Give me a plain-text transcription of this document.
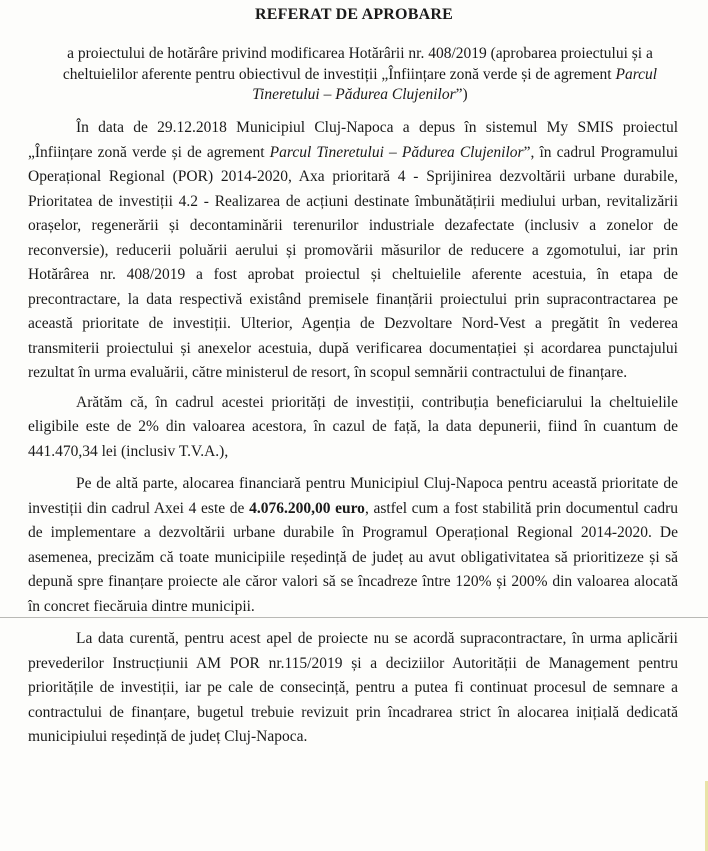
REFERAT DE APROBARE
a proiectului de hotărâre privind modificarea Hotărârii nr. 408/2019 (aprobarea proiectului și a cheltuielilor aferente pentru obiectivul de investiții „Înființare zonă verde și de agrement Parcul Tineretului – Pădurea Clujenilor”)

În data de 29.12.2018 Municipiul Cluj-Napoca a depus în sistemul My SMIS proiectul „Înființare zonă verde și de agrement Parcul Tineretului – Pădurea Clujenilor”, în cadrul Programului Operațional Regional (POR) 2014-2020, Axa prioritară 4 - Sprijinirea dezvoltării urbane durabile, Prioritatea de investiții 4.2 - Realizarea de acțiuni destinate îmbunătățirii mediului urban, revitalizării orașelor, regenerării și decontaminării terenurilor industriale dezafectate (inclusiv a zonelor de reconversie), reducerii poluării aerului și promovării măsurilor de reducere a zgomotului, iar prin Hotărârea nr. 408/2019 a fost aprobat proiectul și cheltuielile aferente acestuia, în etapa de precontractare, la data respectivă existând premisele finanțării proiectului prin supracontractarea pe această prioritate de investiții. Ulterior, Agenția de Dezvoltare Nord-Vest a pregătit în vederea transmiterii proiectului și anexelor acestuia, după verificarea documentației și acordarea punctajului rezultat în urma evaluării, către ministerul de resort, în scopul semnării contractului de finanțare.

Arătăm că, în cadrul acestei priorități de investiții, contribuția beneficiarului la cheltuielile eligibile este de 2% din valoarea acestora, în cazul de față, la data depunerii, fiind în cuantum de 441.470,34 lei (inclusiv T.V.A.),

Pe de altă parte, alocarea financiară pentru Municipiul Cluj-Napoca pentru această prioritate de investiții din cadrul Axei 4 este de 4.076.200,00 euro, astfel cum a fost stabilită prin documentul cadru de implementare a dezvoltării urbane durabile în Programul Operațional Regional 2014-2020. De asemenea, precizăm că toate municipiile reședință de județ au avut obligativitatea să prioritizeze și să depună spre finanțare proiecte ale căror valori să se încadreze între 120% și 200% din valoarea alocată în concret fiecăruia dintre municipii.

La data curentă, pentru acest apel de proiecte nu se acordă supracontractare, în urma aplicării prevederilor Instrucțiunii AM POR nr.115/2019 și a deciziilor Autorității de Management pentru prioritățile de investiții, iar pe cale de consecință, pentru a putea fi continuat procesul de semnare a contractului de finanțare, bugetul trebuie revizuit prin încadrarea strict în alocarea inițială dedicată municipiului reședință de județ Cluj-Napoca.
